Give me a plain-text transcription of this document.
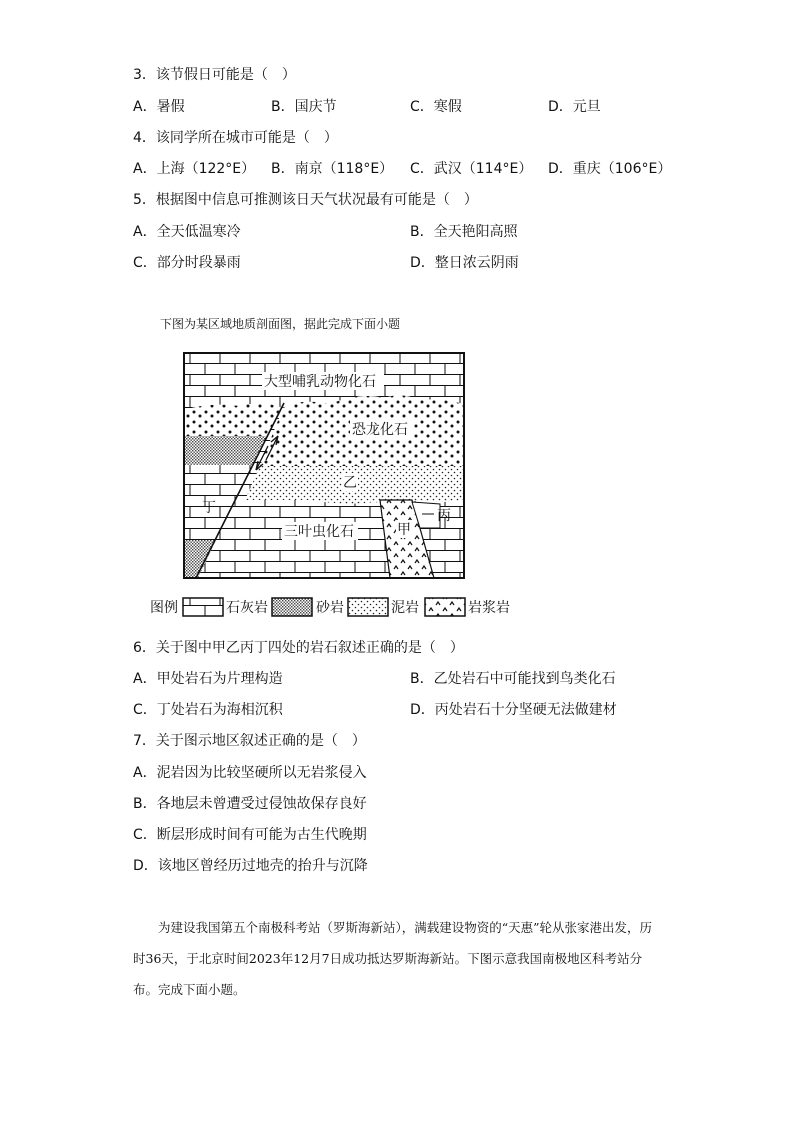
3．该节假日可能是（　）
A．暑假	B．国庆节	C．寒假	D．元旦
4．该同学所在城市可能是（　）
A．上海（122°E） B．南京（118°E） C．武汉（114°E） D．重庆（106°E）
5．根据图中信息可推测该日天气状况最有可能是（　）
A．全天低温寒冷	B．全天艳阳高照
C．部分时段暴雨	D．整日浓云阴雨
下图为某区域地质剖面图，据此完成下面小题
大型哺乳动物化石
恐龙化石
乙
丁
三叶虫化石	甲
丙
图例	石灰岩	砂岩	泥岩	岩浆岩
6．关于图中甲乙丙丁四处的岩石叙述正确的是（　）
A．甲处岩石为片理构造	B．乙处岩石中可能找到鸟类化石
C．丁处岩石为海相沉积	D．丙处岩石十分坚硬无法做建材
7．关于图示地区叙述正确的是（　）
A．泥岩因为比较坚硬所以无岩浆侵入
B．各地层未曾遭受过侵蚀故保存良好
C．断层形成时间有可能为古生代晚期
D．该地区曾经历过地壳的抬升与沉降
为建设我国第五个南极科考站（罗斯海新站），满载建设物资的“天惠”轮从张家港出发，历时36天，于北京时间2023年12月7日成功抵达罗斯海新站。下图示意我国南极地区科考站分布。完成下面小题。
